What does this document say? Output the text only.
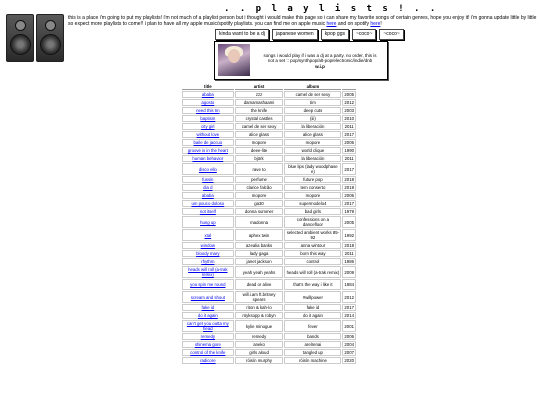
. . p l a y l i s t s ! . .
this is a place i'm going to put my playlists! i'm not much of a playlist person but i thought i would make this page so i can share my favorite songs of certain genres, hope you enjoy it! i'm gonna update little by little so expect more playlists to come!! i plan to have all my apple music/spotify playlists. you can find me on apple music here and on spotify here!
kinda want to be a dj	japanese women	kpop ggs	~coco~	~coco~
songs i would play if i was a dj at a party. no order, this is
not a set :: pop/synthpop/alt-pop/electronic/indie/dnb
w.i.p
title	artist	album	
ababa	zzz	camel de ser sexy	2005
agosto	damamashaami	tim	2012
need this tm	the knife	deep cuts	2003
baptism	crystal castles	(iii)	2010
city girl	camel de ser sexy	la liberación	2011
without love	alice glass	alice glass	2017
baile de jaccuo	mopore	mopore	2006
groove is in the heart	deee-lite	world clique	1990
human behavior	björk	la liberación	2011
disco ello	rave to	blue lips (lady woodphase e)	2017
fussin	perfume	future pop	2018
dia d	clarice falcão	tem conserto	2019
ababa	mopore	mopore	2006
um pouco doloso	ga30	supermodelo4	2017
not itself	donna summer	bad girls	1979
hung up	madonna	confessions on a dancefloor	2005
xtal	aphex twin	selected ambient works 85-92	1992
window	azealia banks	anna wintour	2018
bloody mary	lady gaga	born this way	2011
rhythm	janet jackson	control	1986
heads will roll (a-trak remix)	yeah yeah yeahs	heads will roll (a-trak remix)	2009
you spin me round	dead or alive	that's the way i like it	1984
scream and shout	will.i.am ft.britney spears	#willpower	2012
fake id	riton & kah-lo	fake id	2017
do it again	röyksopp & robyn	do it again	2014
can't get you outta my head	kylie minogue	fever	2001
remedy	remedy	bands	2006
shinema gore	aneko	arelrenai	2004
control of the knife	girls aloud	tangled up	2007
radicore	róisín murphy	róisín machine	2020
